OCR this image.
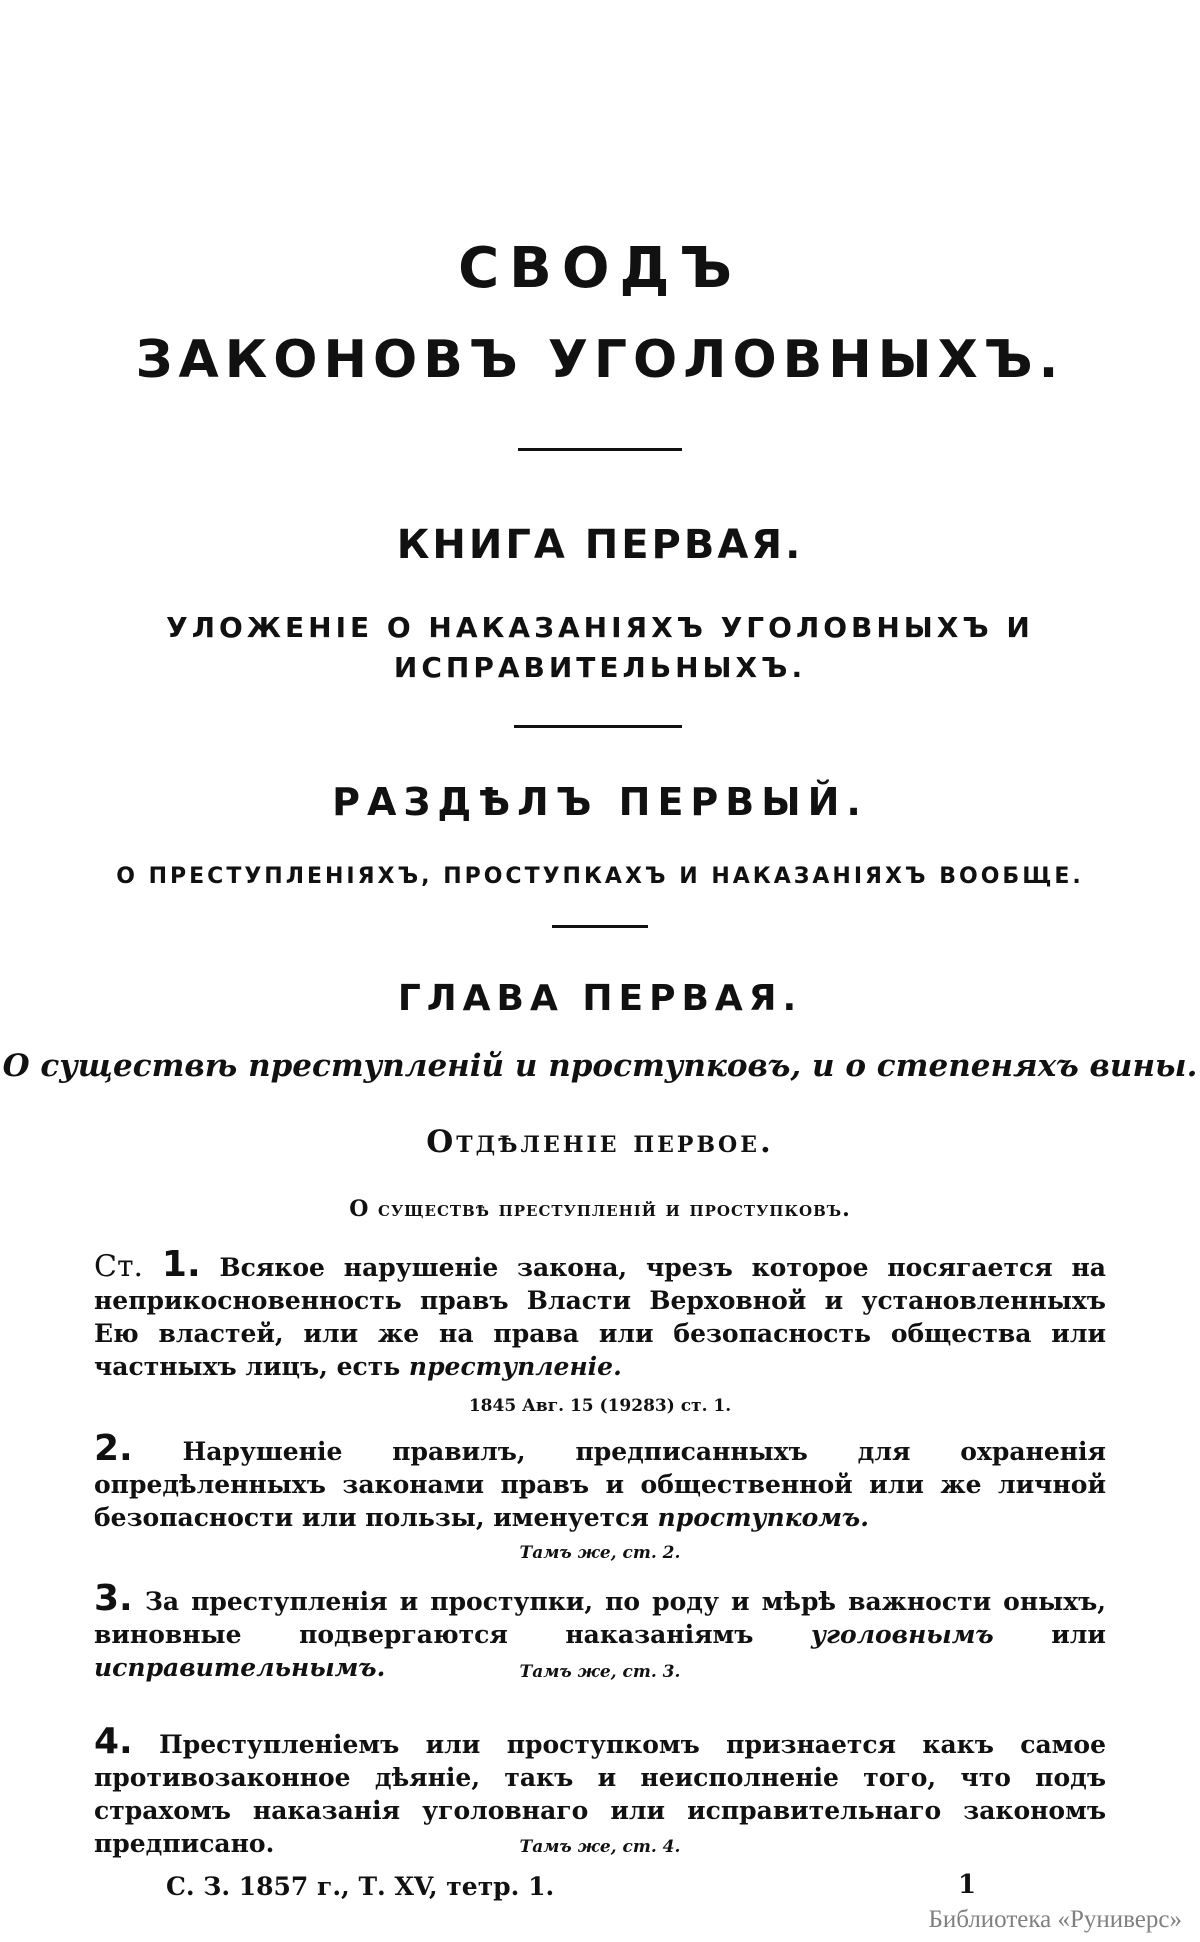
СВОДЪ
ЗАКОНОВЪ УГОЛОВНЫХЪ.
КНИГА ПЕРВАЯ.
УЛОЖЕНІЕ О НАКАЗАНІЯХЪ УГОЛОВНЫХЪ И
ИСПРАВИТЕЛЬНЫХЪ.
РАЗДѢЛЪ ПЕРВЫЙ.
О ПРЕСТУПЛЕНІЯХЪ, ПРОСТУПКАХЪ И НАКАЗАНІЯХЪ ВООБЩЕ.
ГЛАВА ПЕРВАЯ.
О существѣ преступленій и проступковъ, и о степеняхъ вины.
Отдѣленіе первое.
О существѣ преступленій и проступковъ.
Ст. 1. Всякое нарушеніе закона, чрезъ которое посягается на неприкосновенность правъ Власти Верховной и установленныхъ Ею властей, или же на права или безопасность общества или частныхъ лицъ, есть преступленіе.
1845 Авг. 15 (19283) ст. 1.
2. Нарушеніе правилъ, предписанныхъ для охраненія опредѣленныхъ законами правъ и общественной или же личной безопасности или пользы, именуется проступкомъ.
Тамъ же, ст. 2.
3. За преступленія и проступки, по роду и мѣрѣ важности оныхъ, виновные подвергаются наказаніямъ уголовнымъ или исправительнымъ.	Тамъ же, ст. 3.
4. Преступленіемъ или проступкомъ признается какъ самое противозаконное дѣяніе, такъ и неисполненіе того, что подъ страхомъ наказанія уголовнаго или исправительнаго закономъ предписано.	Тамъ же, ст. 4.
С. З. 1857 г., Т. XV, тетр. 1.	1
Библиотека «Руниверс»
